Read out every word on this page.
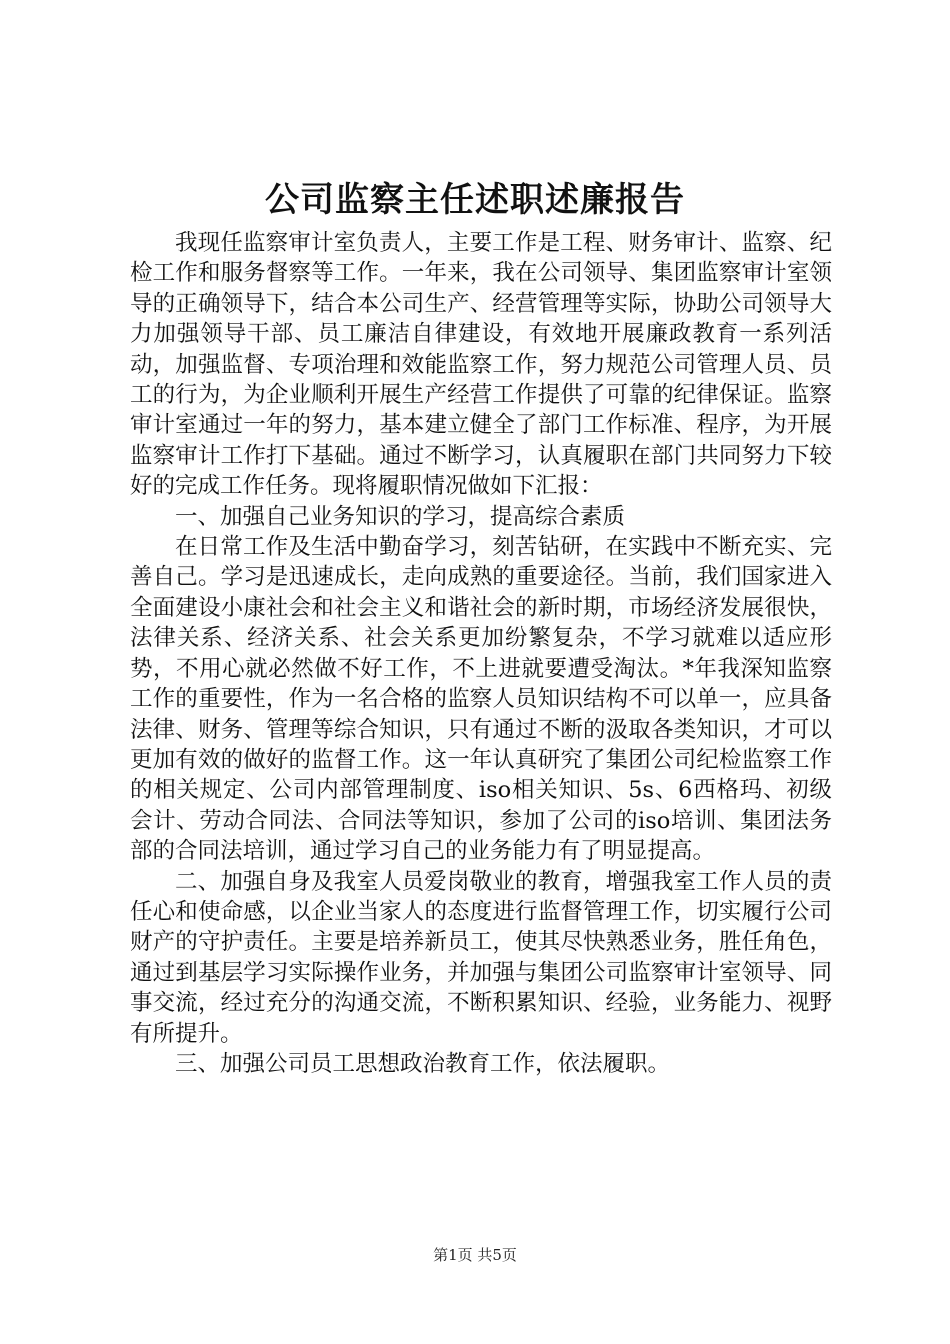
公司监察主任述职述廉报告

我现任监察审计室负责人，主要工作是工程、财务审计、监察、纪检工作和服务督察等工作。一年来，我在公司领导、集团监察审计室领导的正确领导下，结合本公司生产、经营管理等实际，协助公司领导大力加强领导干部、员工廉洁自律建设，有效地开展廉政教育一系列活动，加强监督、专项治理和效能监察工作，努力规范公司管理人员、员工的行为，为企业顺利开展生产经营工作提供了可靠的纪律保证。监察审计室通过一年的努力，基本建立健全了部门工作标准、程序，为开展监察审计工作打下基础。通过不断学习，认真履职在部门共同努力下较好的完成工作任务。现将履职情况做如下汇报：

一、加强自己业务知识的学习，提高综合素质

在日常工作及生活中勤奋学习，刻苦钻研，在实践中不断充实、完善自己。学习是迅速成长，走向成熟的重要途径。当前，我们国家进入全面建设小康社会和社会主义和谐社会的新时期，市场经济发展很快，法律关系、经济关系、社会关系更加纷繁复杂，不学习就难以适应形势，不用心就必然做不好工作，不上进就要遭受淘汰。*年我深知监察工作的重要性，作为一名合格的监察人员知识结构不可以单一，应具备法律、财务、管理等综合知识，只有通过不断的汲取各类知识，才可以更加有效的做好的监督工作。这一年认真研究了集团公司纪检监察工作的相关规定、公司内部管理制度、iso相关知识、5s、6西格玛、初级会计、劳动合同法、合同法等知识，参加了公司的iso培训、集团法务部的合同法培训，通过学习自己的业务能力有了明显提高。

二、加强自身及我室人员爱岗敬业的教育，增强我室工作人员的责任心和使命感，以企业当家人的态度进行监督管理工作，切实履行公司财产的守护责任。主要是培养新员工，使其尽快熟悉业务，胜任角色，通过到基层学习实际操作业务，并加强与集团公司监察审计室领导、同事交流，经过充分的沟通交流，不断积累知识、经验，业务能力、视野有所提升。

三、加强公司员工思想政治教育工作，依法履职。

第1页 共5页
